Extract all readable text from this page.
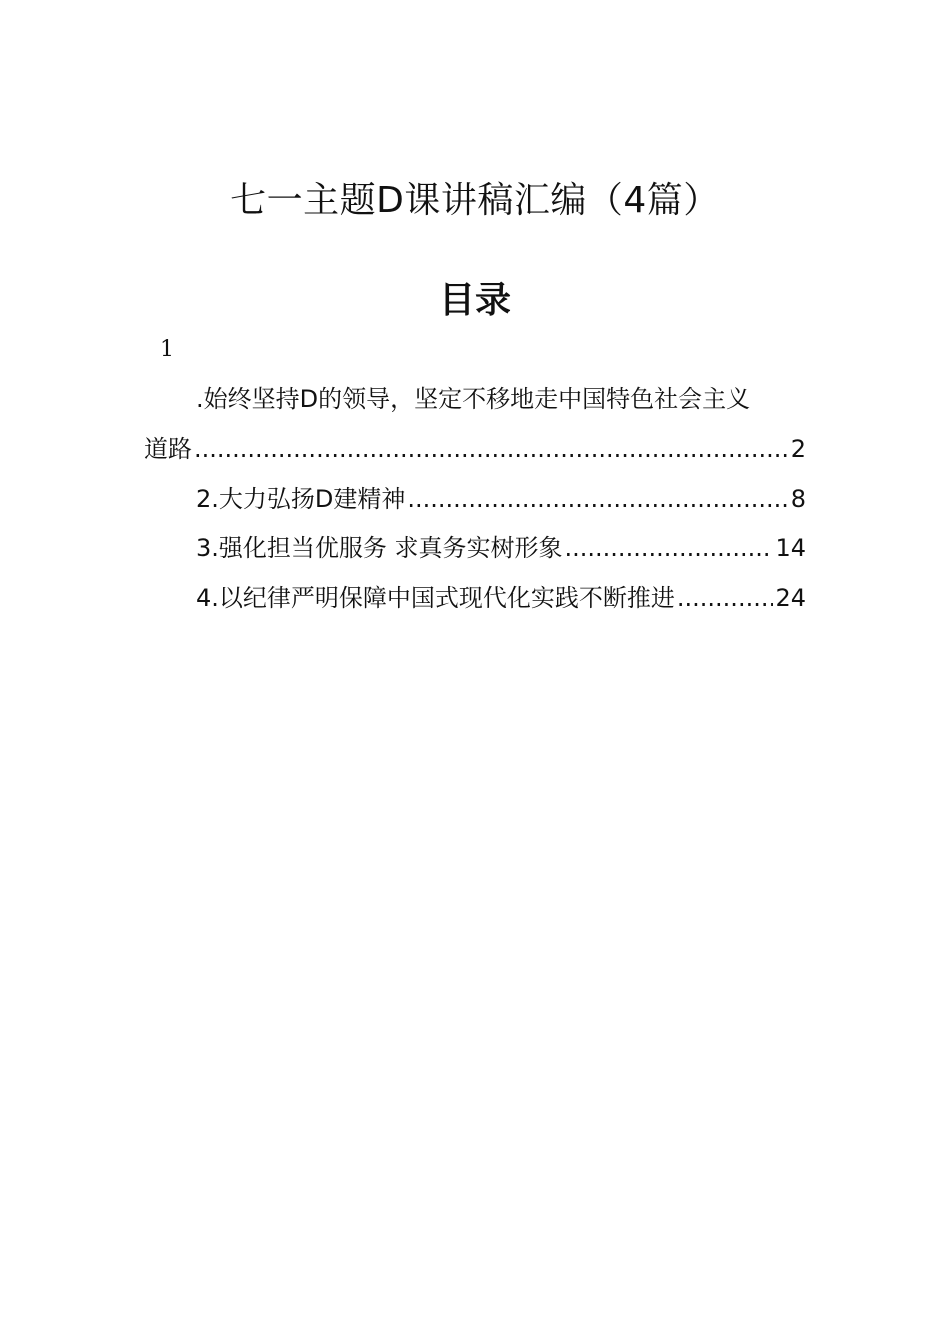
七一主题D课讲稿汇编（4篇）
目录
1
.始终坚持D的领导，坚定不移地走中国特色社会主义
道路 .....	2
2.大力弘扬D建精神 .....	8
3.强化担当优服务 求真务实树形象 .....	14
4.以纪律严明保障中国式现代化实践不断推进 .....	24
